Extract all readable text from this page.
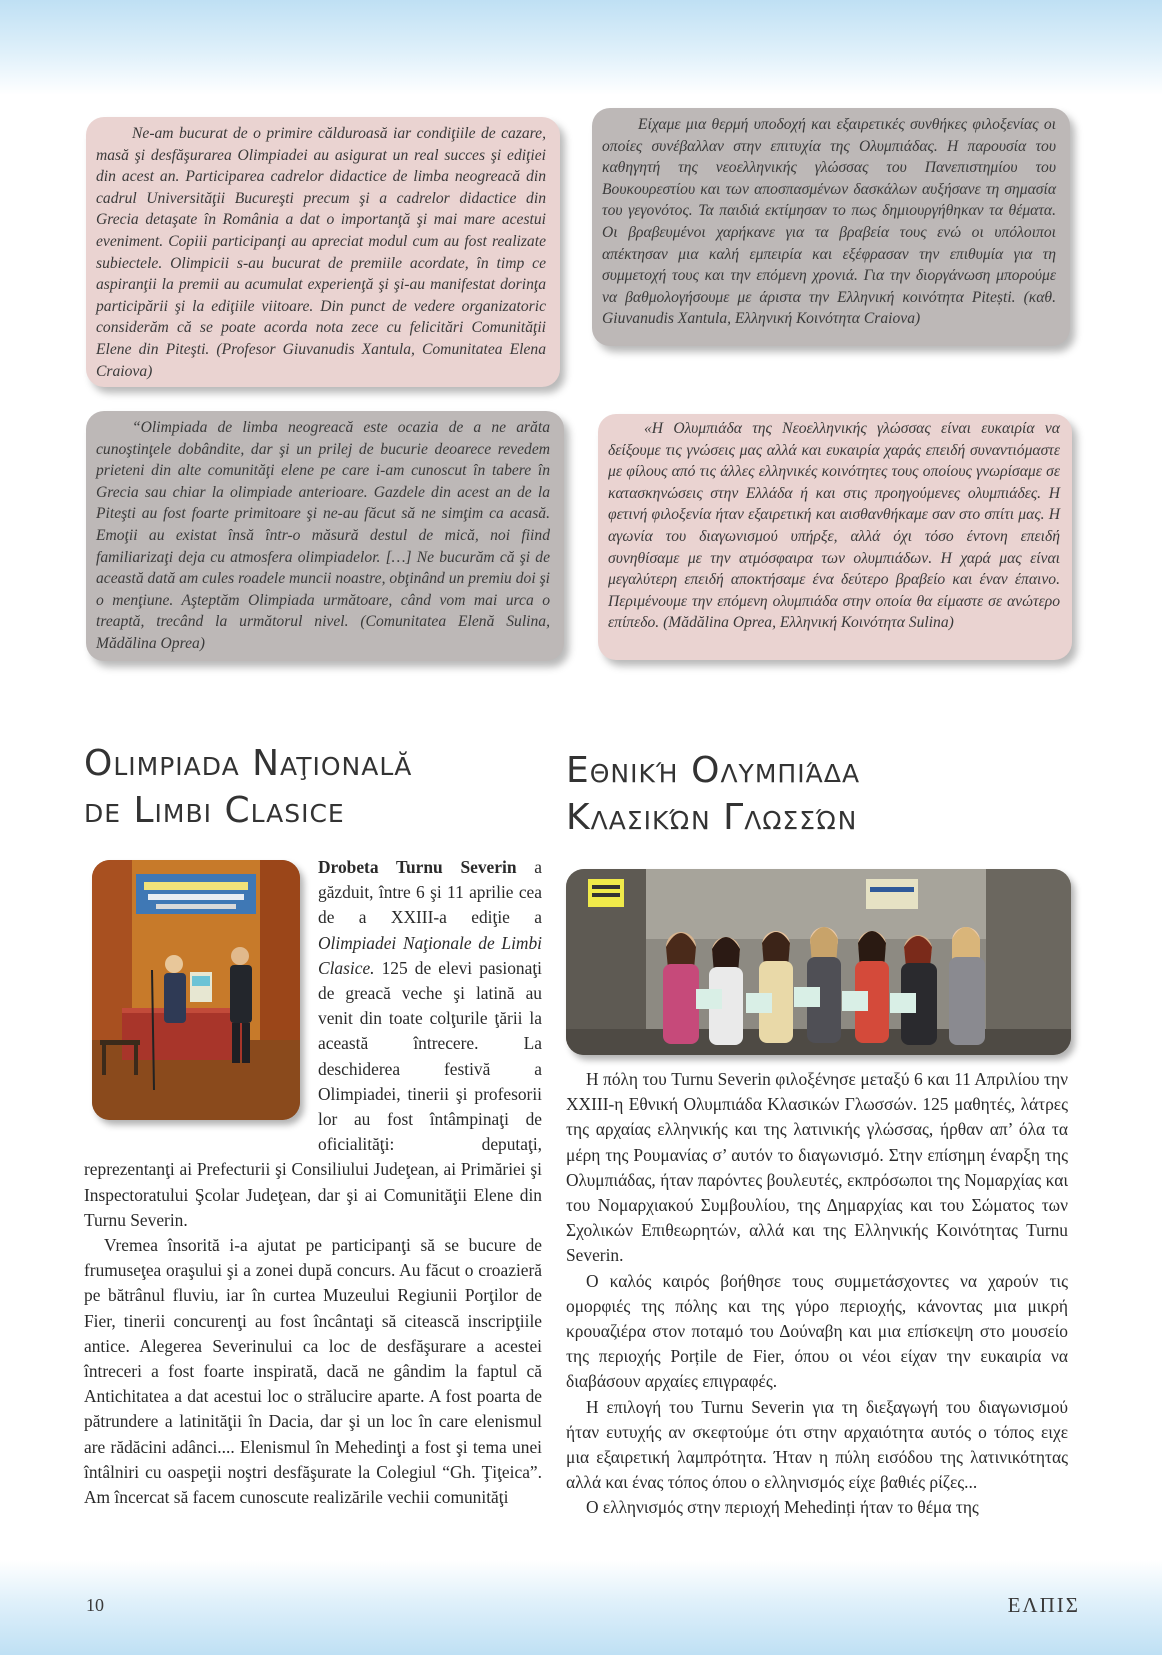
Ne-am bucurat de o primire călduroasă iar condiţiile de cazare, masă şi desfăşurarea Olimpiadei au asigurat un real succes şi ediţiei din acest an. Participarea cadrelor didactice de limba neogreacă din cadrul Universităţii Bucureşti precum şi a cadrelor didactice din Grecia detaşate în România a dat o importanţă şi mai mare acestui eveniment. Copiii participanţi au apreciat modul cum au fost realizate subiectele. Olimpicii s-au bucurat de premiile acordate, în timp ce aspiranţii la premii au acumulat experienţă şi şi-au manifestat dorinţa participării şi la ediţiile viitoare. Din punct de vedere organizatoric considerăm că se poate acorda nota zece cu felicitări Comunităţii Elene din Piteşti. (Profesor Giuvanudis Xantula, Comunitatea Elena Craiova)

Είχαμε μια θερμή υποδοχή και εξαιρετικές συνθήκες φιλοξενίας οι οποίες συνέβαλλαν στην επιτυχία της Ολυμπιάδας. Η παρουσία του καθηγητή της νεοελληνικής γλώσσας του Πανεπιστημίου του Βουκουρεστίου και των αποσπασμένων δασκάλων αυξήσανε τη σημασία του γεγονότος. Τα παιδιά εκτίμησαν το πως δημιουργήθηκαν τα θέματα. Οι βραβευμένοι χαρήκανε για τα βραβεία τους ενώ οι υπόλοιποι απέκτησαν μια καλή εμπειρία και εξέφρασαν την επιθυμία για τη συμμετοχή τους και την επόμενη χρονιά. Για την διοργάνωση μπορούμε να βαθμολογήσουμε με άριστα την Ελληνική κοινότητα Pitești. (καθ. Giuvanudis Xantula, Ελληνική Κοινότητα Craiova)

“Olimpiada de limba neogreacă este ocazia de a ne arăta cunoştinţele dobândite, dar şi un prilej de bucurie deoarece revedem prieteni din alte comunităţi elene pe care i-am cunoscut în tabere în Grecia sau chiar la olimpiade anterioare. Gazdele din acest an de la Piteşti au fost foarte primitoare şi ne-au făcut să ne simţim ca acasă. Emoţii au existat însă într-o măsură destul de mică, noi fiind familiarizaţi deja cu atmosfera olimpiadelor. […] Ne bucurăm că şi de această dată am cules roadele muncii noastre, obţinând un premiu doi şi o menţiune. Aşteptăm Olimpiada următoare, când vom mai urca o treaptă, trecând la următorul nivel. (Comunitatea Elenă Sulina, Mădălina Oprea)

«Η Ολυμπιάδα της Νεοελληνικής γλώσσας είναι ευκαιρία να δείξουμε τις γνώσεις μας αλλά και ευκαιρία χαράς επειδή συναντιόμαστε με φίλους από τις άλλες ελληνικές κοινότητες τους οποίους γνωρίσαμε σε κατασκηνώσεις στην Ελλάδα ή και στις προηγούμενες ολυμπιάδες. Η φετινή φιλοξενία ήταν εξαιρετική και αισθανθήκαμε σαν στο σπίτι μας. Η αγωνία του διαγωνισμού υπήρξε, αλλά όχι τόσο έντονη επειδή συνηθίσαμε με την ατμόσφαιρα των ολυμπιάδων. Η χαρά μας είναι μεγαλύτερη επειδή αποκτήσαμε ένα δεύτερο βραβείο και έναν έπαινο. Περιμένουμε την επόμενη ολυμπιάδα στην οποία θα είμαστε σε ανώτερο επίπεδο. (Mădălina Oprea, Ελληνική Κοινότητα Sulina)

Olimpiada Naţională
de Limbi Clasice
Εθνική Ολυμπιάδα
Κλασικών Γλωσσών

Drobeta Turnu Severin a găzduit, între 6 şi 11 aprilie cea de a XXIII-a ediţie a Olimpiadei Naţionale de Limbi Clasice. 125 de elevi pasionaţi de greacă veche şi latină au venit din toate colţurile ţării la această întrecere. La deschiderea festivă a Olimpiadei, tinerii şi profesorii lor au fost întâmpinaţi de oficialităţi: deputaţi, reprezentanţi ai Prefecturii şi Consiliului Judeţean, ai Primăriei şi Inspectoratului Şcolar Judeţean, dar şi ai Comunităţii Elene din Turnu Severin.

Vremea însorită i-a ajutat pe participanţi să se bucure de frumuseţea oraşului şi a zonei după concurs. Au făcut o croazieră pe bătrânul fluviu, iar în curtea Muzeului Regiunii Porţilor de Fier, tinerii concurenţi au fost încântaţi să citească inscripţiile antice. Alegerea Severinului ca loc de desfăşurare a acestei întreceri a fost foarte inspirată, dacă ne gândim la faptul că Antichitatea a dat acestui loc o strălucire aparte. A fost poarta de pătrundere a latinităţii în Dacia, dar şi un loc în care elenismul are rădăcini adânci.... Elenismul în Mehedinţi a fost şi tema unei întâlniri cu oaspeţii noştri desfăşurate la Colegiul “Gh. Ţiţeica”. Am încercat să facem cunoscute realizările vechii comunităţi

Η πόλη του Turnu Severin φιλοξένησε μεταξύ 6 και 11 Απριλίου την XXIII-η Εθνική Ολυμπιάδα Κλασικών Γλωσσών. 125 μαθητές, λάτρες της αρχαίας ελληνικής και της λατινικής γλώσσας, ήρθαν απ’ όλα τα μέρη της Ρουμανίας σ’ αυτόν το διαγωνισμό. Στην επίσημη έναρξη της Ολυμπιάδας, ήταν παρόντες βουλευτές, εκπρόσωποι της Νομαρχίας και του Νομαρχιακού Συμβουλίου, της Δημαρχίας και του Σώματος των Σχολικών Επιθεωρητών, αλλά και της Ελληνικής Κοινότητας Turnu Severin.

Ο καλός καιρός βοήθησε τους συμμετάσχοντες να χαρούν τις ομορφιές της πόλης και της γύρο περιοχής, κάνοντας μια μικρή κρουαζιέρα στον ποταμό του Δούναβη και μια επίσκεψη στο μουσείο της περιοχής Porțile de Fier, όπου οι νέοι είχαν την ευκαιρία να διαβάσουν αρχαίες επιγραφές.

Η επιλογή του Turnu Severin για τη διεξαγωγή του διαγωνισμού ήταν ευτυχής αν σκεφτούμε ότι στην αρχαιότητα αυτός ο τόπος ειχε μια εξαιρετική λαμπρότητα. Ήταν η πύλη εισόδου της λατινικότητας αλλά και ένας τόπος όπου ο ελληνισμός είχε βαθιές ρίζες...

Ο ελληνισμός στην περιοχή Mehedinți ήταν το θέμα της

10	ΕΛΠΙΣ
